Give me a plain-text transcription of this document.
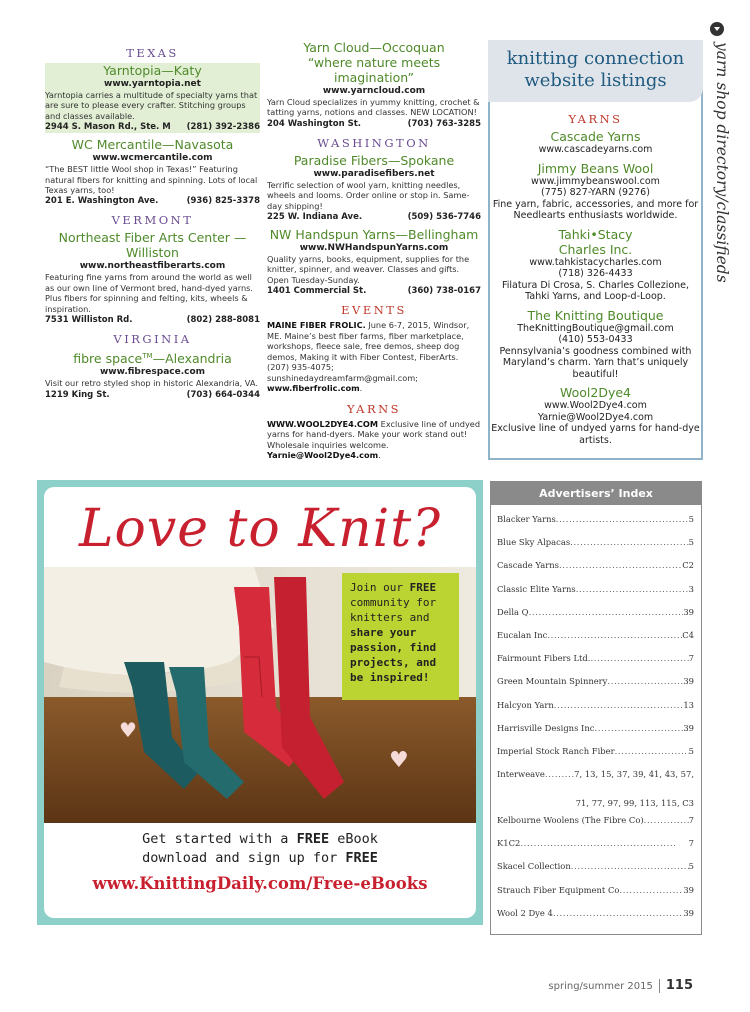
TEXAS
Yarntopia—Katy
www.yarntopia.net
Yarntopia carries a multitude of specialty yarns that are sure to please every crafter. Stitching groups and classes available.
2944 S. Mason Rd., Ste. M (281) 392-2386
WC Mercantile—Navasota
www.wcmercantile.com
“The BEST little Wool shop in Texas!” Featuring natural fibers for knitting and spinning. Lots of local Texas yarns, too!
201 E. Washington Ave.	(936) 825-3378
VERMONT
Northeast Fiber Arts Center —Williston
www.northeastfiberarts.com
Featuring fine yarns from around the world as well as our own line of Vermont bred, hand-dyed yarns. Plus fibers for spinning and felting, kits, wheels & inspiration.
7531 Williston Rd.	(802) 288-8081
VIRGINIA
fibre space™—Alexandria
www.fibrespace.com
Visit our retro styled shop in historic Alexandria, VA.
1219 King St.	(703) 664-0344
Yarn Cloud—Occoquan
“where nature meets imagination”
www.yarncloud.com
Yarn Cloud specializes in yummy knitting, crochet & tatting yarns, notions and classes. NEW LOCATION!
204 Washington St.	(703) 763-3285
WASHINGTON
Paradise Fibers—Spokane
www.paradisefibers.net
Terrific selection of wool yarn, knitting needles, wheels and looms. Order online or stop in. Same-day shipping!
225 W. Indiana Ave.	(509) 536-7746
NW Handspun Yarns—Bellingham
www.NWHandspunYarns.com
Quality yarns, books, equipment, supplies for the knitter, spinner, and weaver. Classes and gifts. Open Tuesday-Sunday.
1401 Commercial St.	(360) 738-0167
EVENTS
MAINE FIBER FROLIC. June 6-7, 2015, Windsor, ME. Maine’s best fiber farms, fiber marketplace, workshops, fleece sale, free demos, sheep dog demos, Making it with Fiber Contest, FiberArts. (207) 935-4075; sunshinedaydreamfarm@gmail.com; www.fiberfrolic.com.
YARNS
WWW.WOOL2DYE4.COM Exclusive line of undyed yarns for hand-dyers. Make your work stand out! Wholesale inquiries welcome. Yarnie@Wool2Dye4.com.
knitting connection
website listings
YARNS
Cascade Yarns
www.cascadeyarns.com
Jimmy Beans Wool
www.jimmybeanswool.com
(775) 827-YARN (9276)
Fine yarn, fabric, accessories, and more for Needlearts enthusiasts worldwide.
Tahki•Stacy
Charles Inc.
www.tahkistacycharles.com
(718) 326-4433
Filatura Di Crosa, S. Charles Collezione, Tahki Yarns, and Loop-d-Loop.
The Knitting Boutique
TheKnittingBoutique@gmail.com
(410) 553-0433
Pennsylvania’s goodness combined with Maryland’s charm. Yarn that’s uniquely beautiful!
Wool2Dye4
www.Wool2Dye4.com
Yarnie@Wool2Dye4.com
Exclusive line of undyed yarns for hand-dye artists.
yarn shop directory/classifieds
Love to Knit?
♥
♥
Join our FREE community for knitters and share your passion, find projects, and be inspired!
Get started with a FREE eBook
download and sign up for FREE
www.KnittingDaily.com/Free-eBooks
Advertisers’ Index
Blacker Yarns . . .	5
Blue Sky Alpacas . . .	5
Cascade Yarns . . .	C2
Classic Elite Yarns . . .	3
Della Q . . .	39
Eucalan Inc . . .	C4
Fairmount Fibers Ltd. . . .	7
Green Mountain Spinnery . . .	39
Halcyon Yarn . . .	13
Harrisville Designs Inc . . .	39
Imperial Stock Ranch Fiber . . .	5
Interweave . . .	7, 13, 15, 37, 39, 41, 43, 57,
71, 77, 97, 99, 113, 115, C3
Kelbourne Woolens (The Fibre Co) . . .	7
K1C2 . . .	7
Skacel Collection . . .	5
Strauch Fiber Equipment Co . . .	39
Wool 2 Dye 4 . . .	39
spring/summer 2015 115
